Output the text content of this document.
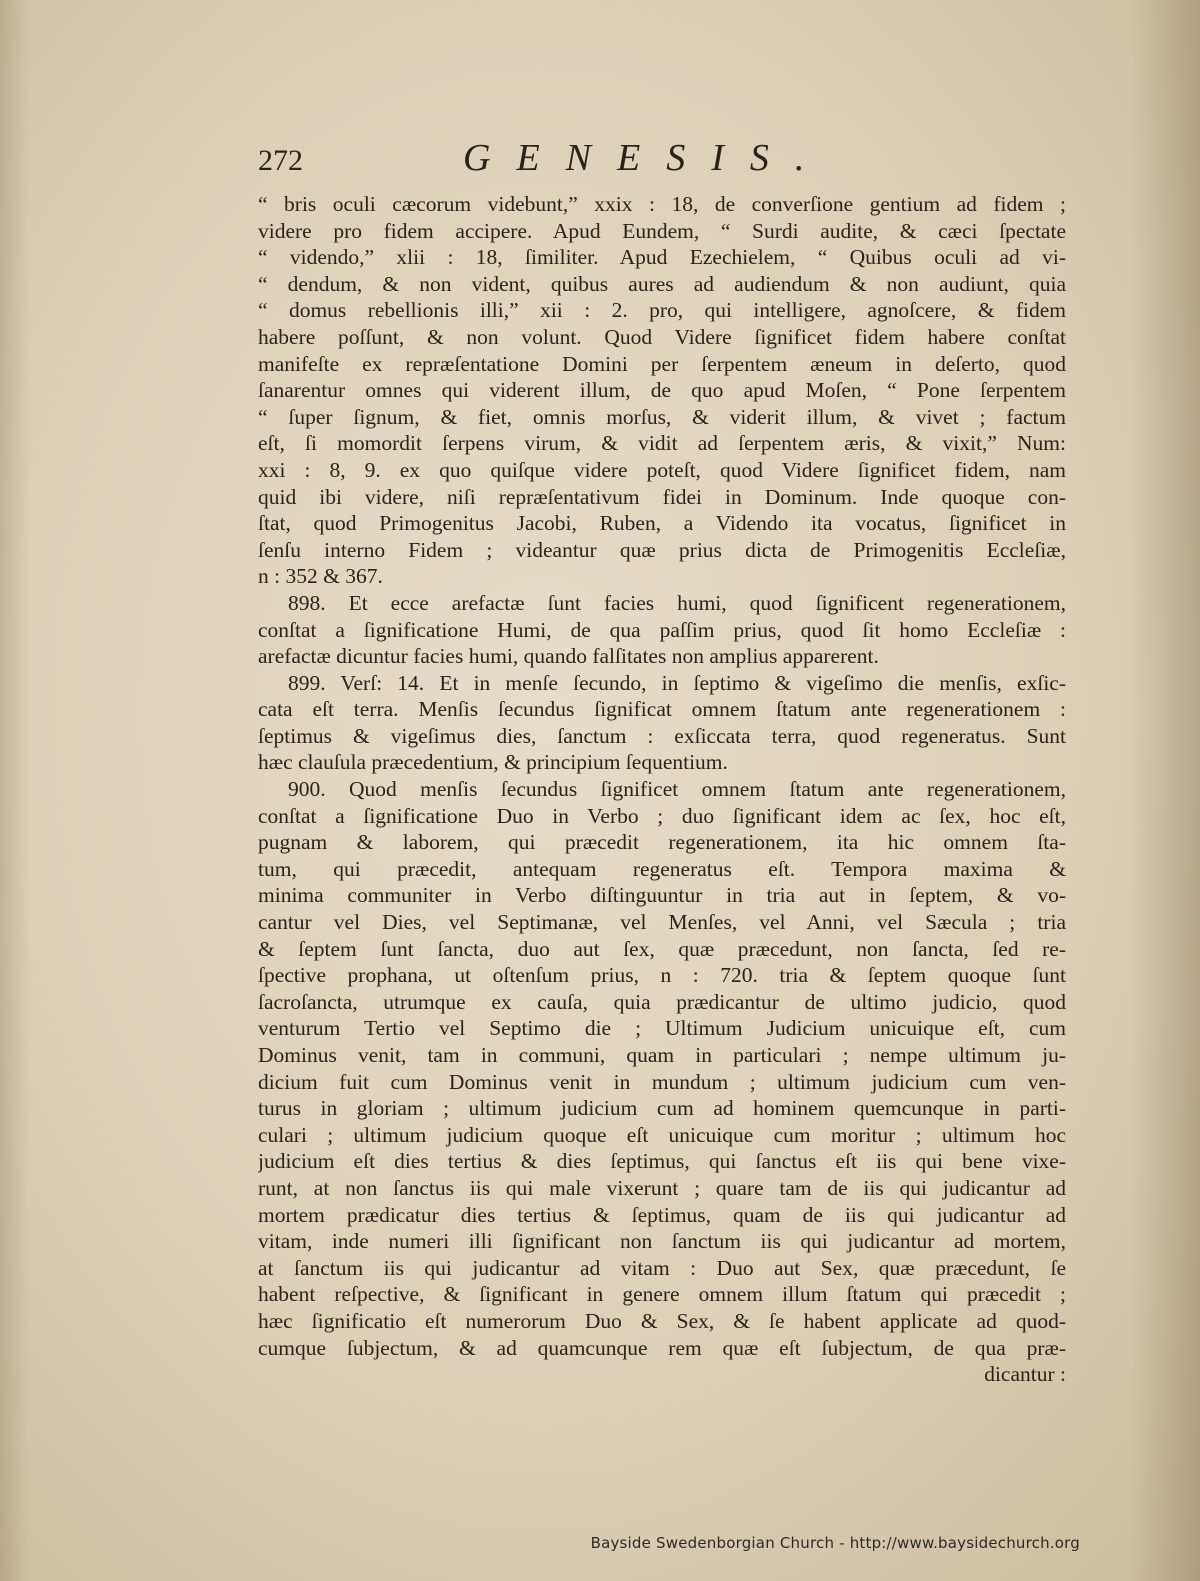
272	GENESIS.
“ bris oculi cæcorum videbunt,” xxix : 18, de converſione gentium ad fidem ;
videre pro fidem accipere. Apud Eundem, “ Surdi audite, & cæci ſpectate
“ videndo,” xlii : 18, ſimiliter. Apud Ezechielem, “ Quibus oculi ad vi-
“ dendum, & non vident, quibus aures ad audiendum & non audiunt, quia
“ domus rebellionis illi,” xii : 2. pro, qui intelligere, agnoſcere, & fidem
habere poſſunt, & non volunt. Quod Videre ſignificet fidem habere conſtat
manifeſte ex repræſentatione Domini per ſerpentem æneum in deſerto, quod
ſanarentur omnes qui viderent illum, de quo apud Moſen, “ Pone ſerpentem
“ ſuper ſignum, & fiet, omnis morſus, & viderit illum, & vivet ; factum
eſt, ſi momordit ſerpens virum, & vidit ad ſerpentem æris, & vixit,” Num:
xxi : 8, 9. ex quo quiſque videre poteſt, quod Videre ſignificet fidem, nam
quid ibi videre, niſi repræſentativum fidei in Dominum. Inde quoque con-
ſtat, quod Primogenitus Jacobi, Ruben, a Videndo ita vocatus, ſignificet in
ſenſu interno Fidem ; videantur quæ prius dicta de Primogenitis Eccleſiæ,
n : 352 & 367.
898. Et ecce arefactæ ſunt facies humi, quod ſignificent regenerationem,
conſtat a ſignificatione Humi, de qua paſſim prius, quod ſit homo Eccleſiæ :
arefactæ dicuntur facies humi, quando falſitates non amplius apparerent.
899. Verſ: 14. Et in menſe ſecundo, in ſeptimo & vigeſimo die menſis, exſic-
cata eſt terra. Menſis ſecundus ſignificat omnem ſtatum ante regenerationem :
ſeptimus & vigeſimus dies, ſanctum : exſiccata terra, quod regeneratus. Sunt
hæc clauſula præcedentium, & principium ſequentium.
900. Quod menſis ſecundus ſignificet omnem ſtatum ante regenerationem,
conſtat a ſignificatione Duo in Verbo ; duo ſignificant idem ac ſex, hoc eſt,
pugnam & laborem, qui præcedit regenerationem, ita hic omnem ſta-
tum, qui præcedit, antequam regeneratus eſt. Tempora maxima &
minima communiter in Verbo diſtinguuntur in tria aut in ſeptem, & vo-
cantur vel Dies, vel Septimanæ, vel Menſes, vel Anni, vel Sæcula ; tria
& ſeptem ſunt ſancta, duo aut ſex, quæ præcedunt, non ſancta, ſed re-
ſpective prophana, ut oſtenſum prius, n : 720. tria & ſeptem quoque ſunt
ſacroſancta, utrumque ex cauſa, quia prædicantur de ultimo judicio, quod
venturum Tertio vel Septimo die ; Ultimum Judicium unicuique eſt, cum
Dominus venit, tam in communi, quam in particulari ; nempe ultimum ju-
dicium fuit cum Dominus venit in mundum ; ultimum judicium cum ven-
turus in gloriam ; ultimum judicium cum ad hominem quemcunque in parti-
culari ; ultimum judicium quoque eſt unicuique cum moritur ; ultimum hoc
judicium eſt dies tertius & dies ſeptimus, qui ſanctus eſt iis qui bene vixe-
runt, at non ſanctus iis qui male vixerunt ; quare tam de iis qui judicantur ad
mortem prædicatur dies tertius & ſeptimus, quam de iis qui judicantur ad
vitam, inde numeri illi ſignificant non ſanctum iis qui judicantur ad mortem,
at ſanctum iis qui judicantur ad vitam : Duo aut Sex, quæ præcedunt, ſe
habent reſpective, & ſignificant in genere omnem illum ſtatum qui præcedit ;
hæc ſignificatio eſt numerorum Duo & Sex, & ſe habent applicate ad quod-
cumque ſubjectum, & ad quamcunque rem quæ eſt ſubjectum, de qua præ-
dicantur :
Bayside Swedenborgian Church - http://www.baysidechurch.org
